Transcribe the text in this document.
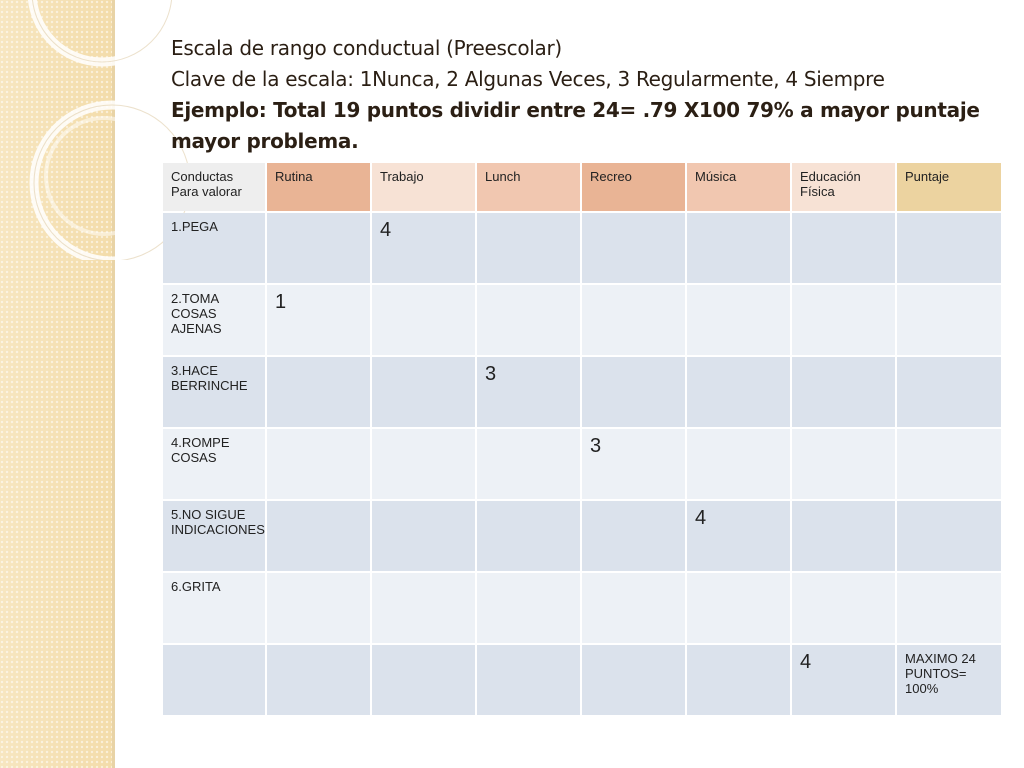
Escala de rango conductual (Preescolar)
Clave de la escala: 1Nunca, 2 Algunas Veces, 3 Regularmente, 4 Siempre
Ejemplo: Total 19 puntos dividir entre 24= .79 X100 79% a mayor puntaje
mayor problema.
Conductas Para valorar	Rutina	Trabajo	Lunch	Recreo	Música	Educación Física	Puntaje
1.PEGA		4					
2.TOMA COSAS AJENAS	1						
3.HACE BERRINCHE			3				
4.ROMPE COSAS				3			
5.NO SIGUE INDICACIONES					4		
6.GRITA							
						4	MAXIMO 24 PUNTOS= 100%
